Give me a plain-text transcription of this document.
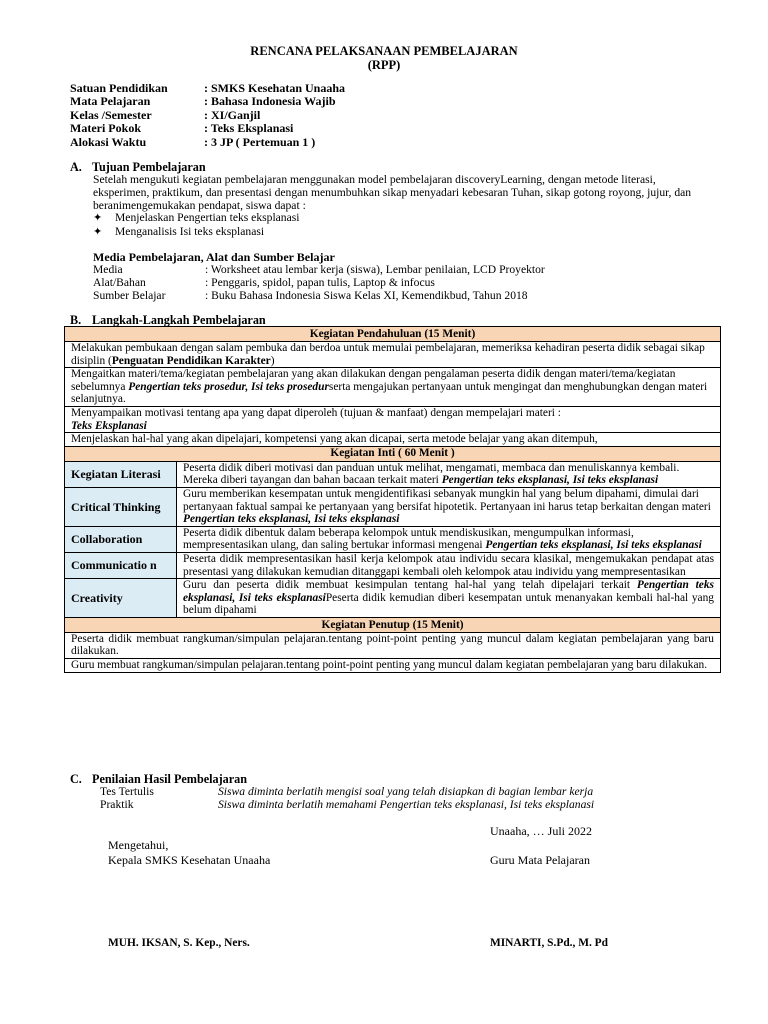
RENCANA PELAKSANAAN PEMBELAJARAN
(RPP)
Satuan Pendidikan	: SMKS Kesehatan Unaaha
Mata Pelajaran	: Bahasa Indonesia Wajib
Kelas /Semester	: XI/Ganjil
Materi Pokok	: Teks Eksplanasi
Alokasi Waktu	: 3 JP ( Pertemuan 1 )
A. Tujuan Pembelajaran
Setelah mengukuti kegiatan pembelajaran menggunakan model pembelajaran discoveryLearning, dengan metode literasi, eksperimen, praktikum, dan presentasi dengan menumbuhkan sikap menyadari kebesaran Tuhan, sikap gotong royong, jujur, dan beranimengemukakan pendapat, siswa dapat :
✦ Menjelaskan Pengertian teks eksplanasi
✦ Menganalisis Isi teks eksplanasi
Media Pembelajaran, Alat dan Sumber Belajar
Media	: Worksheet atau lembar kerja (siswa), Lembar penilaian, LCD Proyektor
Alat/Bahan	: Penggaris, spidol, papan tulis, Laptop & infocus
Sumber Belajar	: Buku Bahasa Indonesia Siswa Kelas XI, Kemendikbud, Tahun 2018
B. Langkah-Langkah Pembelajaran
Kegiatan Pendahuluan (15 Menit)	
Melakukan pembukaan dengan salam pembuka dan berdoa untuk memulai pembelajaran, memeriksa kehadiran peserta didik sebagai sikap disiplin (Penguatan Pendidikan Karakter)	
Mengaitkan materi/tema/kegiatan pembelajaran yang akan dilakukan dengan pengalaman peserta didik dengan materi/tema/kegiatan sebelumnya Pengertian teks prosedur, Isi teks prosedurserta mengajukan pertanyaan untuk mengingat dan menghubungkan dengan materi selanjutnya.	
Menyampaikan motivasi tentang apa yang dapat diperoleh (tujuan & manfaat) dengan mempelajari materi :
Teks Eksplanasi	
Menjelaskan hal-hal yang akan dipelajari, kompetensi yang akan dicapai, serta metode belajar yang akan ditempuh,	
Kegiatan Inti ( 60 Menit )	
Kegiatan Literasi	Peserta didik diberi motivasi dan panduan untuk melihat, mengamati, membaca dan menuliskannya kembali. Mereka diberi tayangan dan bahan bacaan terkait materi Pengertian teks eksplanasi, Isi teks eksplanasi
Critical Thinking	Guru memberikan kesempatan untuk mengidentifikasi sebanyak mungkin hal yang belum dipahami, dimulai dari pertanyaan faktual sampai ke pertanyaan yang bersifat hipotetik. Pertanyaan ini harus tetap berkaitan dengan materi Pengertian teks eksplanasi, Isi teks eksplanasi
Collaboration	Peserta didik dibentuk dalam beberapa kelompok untuk mendiskusikan, mengumpulkan informasi, mempresentasikan ulang, dan saling bertukar informasi mengenai Pengertian teks eksplanasi, Isi teks eksplanasi
Communicatio n	Peserta didik mempresentasikan hasil kerja kelompok atau individu secara klasikal, mengemukakan pendapat atas presentasi yang dilakukan kemudian ditanggapi kembali oleh kelompok atau individu yang mempresentasikan
Creativity	Guru dan peserta didik membuat kesimpulan tentang hal-hal yang telah dipelajari terkait Pengertian teks eksplanasi, Isi teks eksplanasiPeserta didik kemudian diberi kesempatan untuk menanyakan kembali hal-hal yang belum dipahami
Kegiatan Penutup (15 Menit)	
Peserta didik membuat rangkuman/simpulan pelajaran.tentang point-point penting yang muncul dalam kegiatan pembelajaran yang baru dilakukan.	
Guru membuat rangkuman/simpulan pelajaran.tentang point-point penting yang muncul dalam kegiatan pembelajaran yang baru dilakukan.	
C. Penilaian Hasil Pembelajaran
Tes Tertulis	Siswa diminta berlatih mengisi soal yang telah disiapkan di bagian lembar kerja
Praktik	Siswa diminta berlatih memahami Pengertian teks eksplanasi, Isi teks eksplanasi
Unaaha, … Juli 2022
Mengetahui,
Kepala SMKS Kesehatan Unaaha	Guru Mata Pelajaran
MUH. IKSAN, S. Kep., Ners.	MINARTI, S.Pd., M. Pd
